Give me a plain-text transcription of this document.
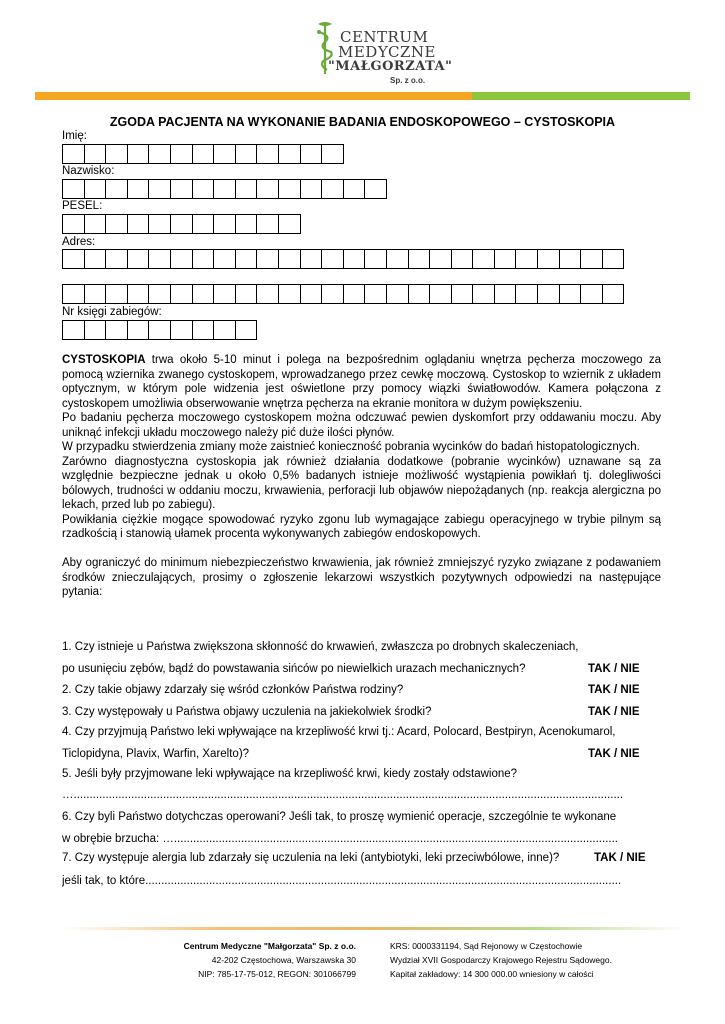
CENTRUM
MEDYCZNE
"MAŁGORZATA"
Sp. z o.o.
ZGODA PACJENTA NA WYKONANIE BADANIA ENDOSKOPOWEGO – CYSTOSKOPIA
Imię:
Nazwisko:
PESEL:
Adres:
Nr księgi zabiegów:

CYSTOSKOPIA trwa około 5-10 minut i polega na bezpośrednim oglądaniu wnętrza pęcherza moczowego za pomocą wziernika zwanego cystoskopem, wprowadzanego przez cewkę moczową. Cystoskop to wziernik z układem optycznym, w którym pole widzenia jest oświetlone przy pomocy wiązki światłowodów. Kamera połączona z cystoskopem umożliwia obserwowanie wnętrza pęcherza na ekranie monitora w dużym powiększeniu.

Po badaniu pęcherza moczowego cystoskopem można odczuwać pewien dyskomfort przy oddawaniu moczu. Aby uniknąć infekcji układu moczowego należy pić duże ilości płynów.

W przypadku stwierdzenia zmiany może zaistnieć konieczność pobrania wycinków do badań histopatologicznych.

Zarówno diagnostyczna cystoskopia jak również działania dodatkowe (pobranie wycinków) uznawane są za względnie bezpieczne jednak u około 0,5% badanych istnieje możliwość wystąpienia powikłań tj. dolegliwości bólowych, trudności w oddaniu moczu, krwawienia, perforacji lub objawów niepożądanych (np. reakcja alergiczna po lekach, przed lub po zabiegu).

Powikłania ciężkie mogące spowodować ryzyko zgonu lub wymagające zabiegu operacyjnego w trybie pilnym są rzadkością i stanowią ułamek procenta wykonywanych zabiegów endoskopowych.

Aby ograniczyć do minimum niebezpieczeństwo krwawienia, jak również zmniejszyć ryzyko związane z podawaniem środków znieczulających, prosimy o zgłoszenie lekarzowi wszystkich pozytywnych odpowiedzi na następujące pytania:

1. Czy istnieje u Państwa zwiększona skłonność do krwawień, zwłaszcza po drobnych skaleczeniach,
po usunięciu zębów, bądź do powstawania sińców po niewielkich urazach mechanicznych?	TAK / NIE
2. Czy takie objawy zdarzały się wśród członków Państwa rodziny?	TAK / NIE
3. Czy występowały u Państwa objawy uczulenia na jakiekolwiek środki?	TAK / NIE
4. Czy przyjmują Państwo leki wpływające na krzepliwość krwi tj.: Acard, Polocard, Bestpiryn, Acenokumarol,
Ticlopidyna, Plavix, Warfin, Xarelto)?	TAK / NIE
5. Jeśli były przyjmowane leki wpływające na krzepliwość krwi, kiedy zostały odstawione?
…............................................................................................................................................................................
6. Czy byli Państwo dotychczas operowani? Jeśli tak, to proszę wymienić operacje, szczególnie te wykonane
w obrębie brzucha: …...........................................................................................................................................
7. Czy występuje alergia lub zdarzały się uczulenia na leki (antybiotyki, leki przeciwbólowe, inne)?	TAK / NIE
jeśli tak, to które.....................................................................................................................................................
Centrum Medyczne "Małgorzata" Sp. z o.o.
42-202 Częstochowa, Warszawska 30
NIP: 785-17-75-012, REGON: 301066799
KRS: 0000331194, Sąd Rejonowy w Częstochowie
Wydział XVII Gospodarczy Krajowego Rejestru Sądowego.
Kapitał zakładowy: 14 300 000.00 wniesiony w całości
